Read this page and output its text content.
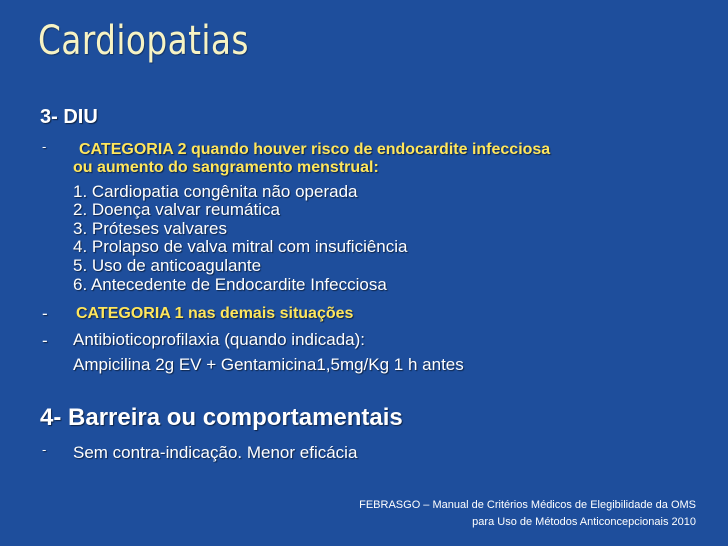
Cardiopatias
3- DIU
- CATEGORIA 2 quando houver risco de endocardite infecciosa
ou aumento do sangramento menstrual:
1. Cardiopatia congênita não operada
2. Doença valvar reumática
3. Próteses valvares
4. Prolapso de valva mitral com insuficiência
5. Uso de anticoagulante
6. Antecedente de Endocardite Infecciosa
- CATEGORIA 1 nas demais situações
- Antibioticoprofilaxia (quando indicada):
Ampicilina 2g EV + Gentamicina1,5mg/Kg 1 h antes
4- Barreira ou comportamentais
- Sem contra-indicação. Menor eficácia
FEBRASGO – Manual de Critérios Médicos de Elegibilidade da OMS
para Uso de Métodos Anticoncepcionais 2010
